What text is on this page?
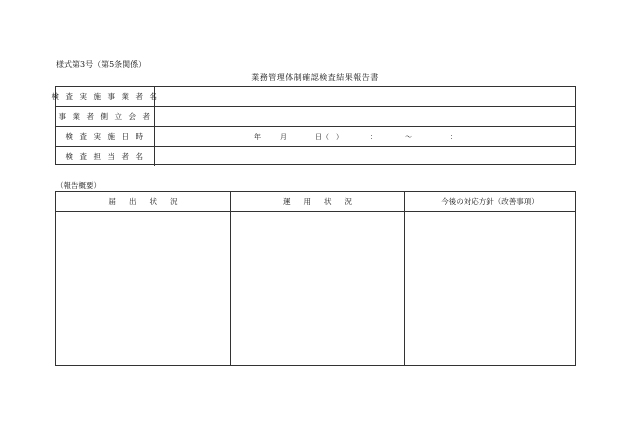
様式第3号（第5条関係）
業務管理体制確認検査結果報告書
検査実施事業者名
事業者側立会者
検査実施日時	年	月	日（　）	：	～	：
検査担当者名
（報告概要）
届出状況	運用状況	今後の対応方針（改善事項）
